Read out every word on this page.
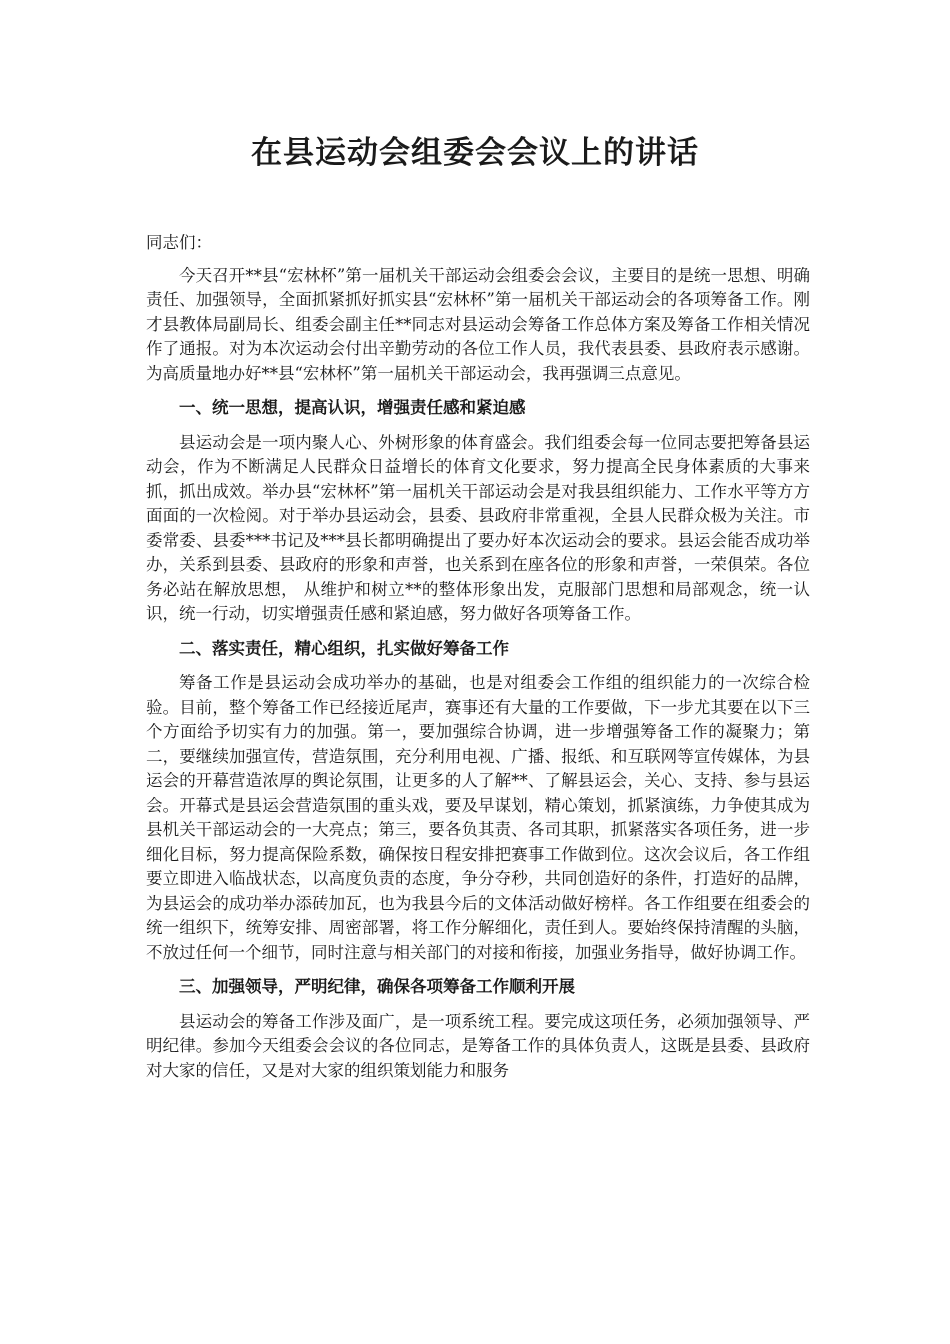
在县运动会组委会会议上的讲话

同志们：

今天召开**县“宏林杯”第一届机关干部运动会组委会会议，主要目的是统一思想、明确责任、加强领导，全面抓紧抓好抓实县“宏林杯”第一届机关干部运动会的各项筹备工作。刚才县教体局副局长、组委会副主任**同志对县运动会筹备工作总体方案及筹备工作相关情况作了通报。对为本次运动会付出辛勤劳动的各位工作人员，我代表县委、县政府表示感谢。为高质量地办好**县“宏林杯”第一届机关干部运动会，我再强调三点意见。

一、统一思想，提高认识，增强责任感和紧迫感

县运动会是一项内聚人心、外树形象的体育盛会。我们组委会每一位同志要把筹备县运动会，作为不断满足人民群众日益增长的体育文化要求，努力提高全民身体素质的大事来抓，抓出成效。举办县“宏林杯”第一届机关干部运动会是对我县组织能力、工作水平等方方面面的一次检阅。对于举办县运动会，县委、县政府非常重视，全县人民群众极为关注。市委常委、县委***书记及***县长都明确提出了要办好本次运动会的要求。县运会能否成功举办，关系到县委、县政府的形象和声誉，也关系到在座各位的形象和声誉，一荣俱荣。各位务必站在解放思想， 从维护和树立**的整体形象出发，克服部门思想和局部观念，统一认识，统一行动，切实增强责任感和紧迫感，努力做好各项筹备工作。

二、落实责任，精心组织，扎实做好筹备工作

筹备工作是县运动会成功举办的基础，也是对组委会工作组的组织能力的一次综合检验。目前，整个筹备工作已经接近尾声，赛事还有大量的工作要做，下一步尤其要在以下三个方面给予切实有力的加强。第一，要加强综合协调，进一步增强筹备工作的凝聚力；第二，要继续加强宣传，营造氛围，充分利用电视、广播、报纸、和互联网等宣传媒体，为县运会的开幕营造浓厚的舆论氛围，让更多的人了解**、了解县运会，关心、支持、参与县运会。开幕式是县运会营造氛围的重头戏，要及早谋划，精心策划，抓紧演练，力争使其成为县机关干部运动会的一大亮点；第三，要各负其责、各司其职，抓紧落实各项任务，进一步细化目标，努力提高保险系数，确保按日程安排把赛事工作做到位。这次会议后，各工作组要立即进入临战状态，以高度负责的态度，争分夺秒，共同创造好的条件，打造好的品牌，为县运会的成功举办添砖加瓦，也为我县今后的文体活动做好榜样。各工作组要在组委会的统一组织下，统筹安排、周密部署，将工作分解细化，责任到人。要始终保持清醒的头脑，不放过任何一个细节，同时注意与相关部门的对接和衔接，加强业务指导，做好协调工作。

三、加强领导，严明纪律，确保各项筹备工作顺利开展

县运动会的筹备工作涉及面广，是一项系统工程。要完成这项任务，必须加强领导、严明纪律。参加今天组委会会议的各位同志，是筹备工作的具体负责人，这既是县委、县政府对大家的信任，又是对大家的组织策划能力和服务
